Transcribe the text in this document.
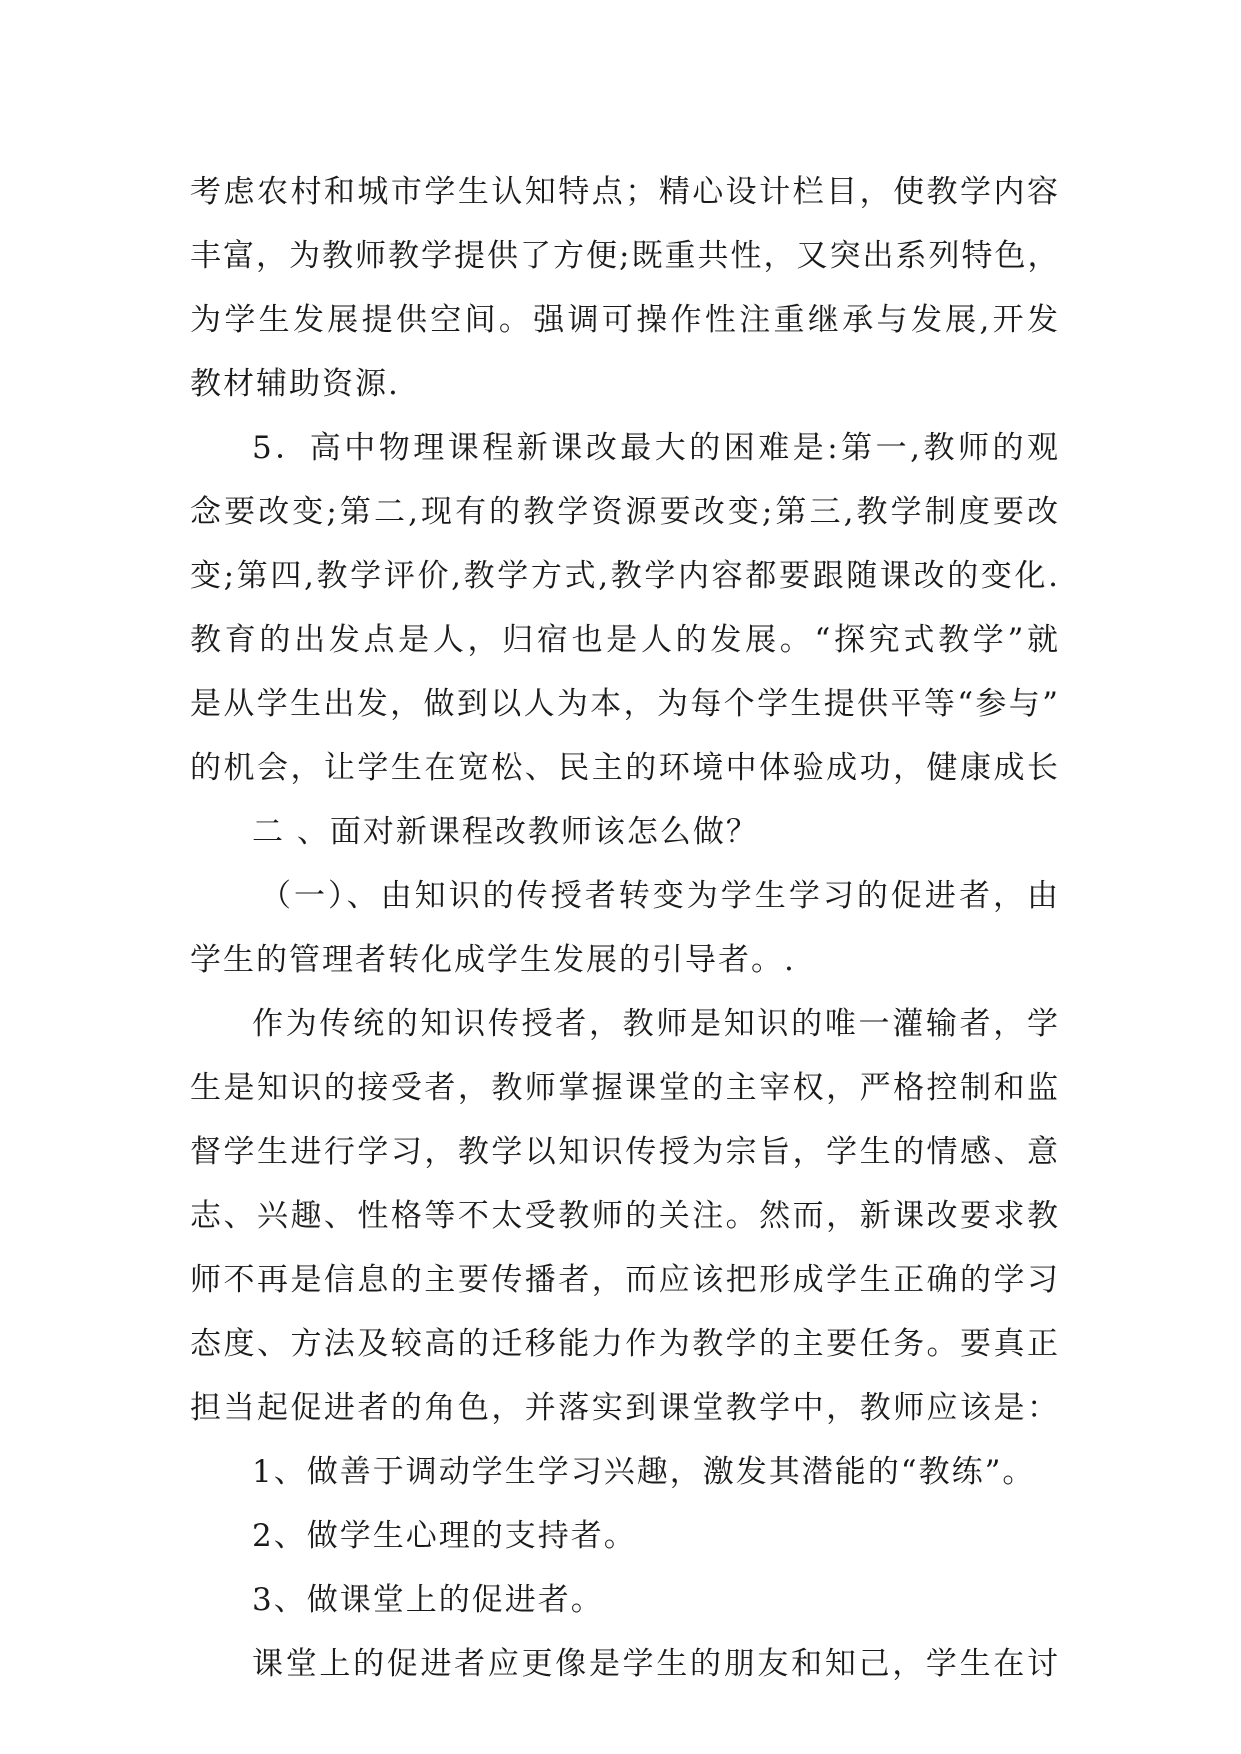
考虑农村和城市学生认知特点；精心设计栏目，使教学内容
丰富，为教师教学提供了方便;既重共性，又突出系列特色，
为学生发展提供空间。强调可操作性注重继承与发展,开发
教材辅助资源.
5．高中物理课程新课改最大的困难是:第一,教师的观
念要改变;第二,现有的教学资源要改变;第三,教学制度要改
变;第四,教学评价,教学方式,教学内容都要跟随课改的变化.
教育的出发点是人，归宿也是人的发展。“探究式教学”就
是从学生出发，做到以人为本，为每个学生提供平等“参与”
的机会，让学生在宽松、民主的环境中体验成功，健康成长
二 、面对新课程改教师该怎么做？
（一）、由知识的传授者转变为学生学习的促进者，由
学生的管理者转化成学生发展的引导者。.
作为传统的知识传授者，教师是知识的唯一灌输者，学
生是知识的接受者，教师掌握课堂的主宰权，严格控制和监
督学生进行学习，教学以知识传授为宗旨，学生的情感、意
志、兴趣、性格等不太受教师的关注。然而，新课改要求教
师不再是信息的主要传播者，而应该把形成学生正确的学习
态度、方法及较高的迁移能力作为教学的主要任务。要真正
担当起促进者的角色，并落实到课堂教学中，教师应该是：
1、做善于调动学生学习兴趣，激发其潜能的“教练”。
2、做学生心理的支持者。
3、做课堂上的促进者。
课堂上的促进者应更像是学生的朋友和知己，学生在讨
